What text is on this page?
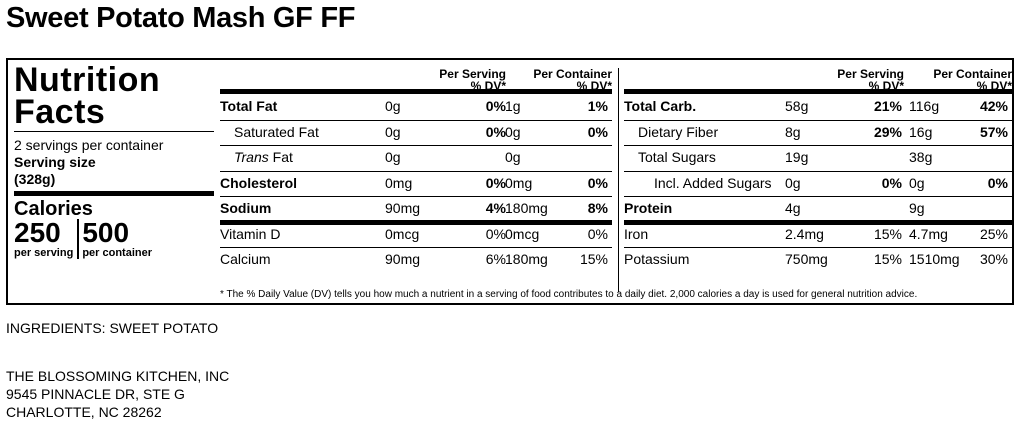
Sweet Potato Mash GF FF
Nutrition
Facts
2 servings per container
Serving size
(328g)
Calories
250
per serving
500
per container
Per Serving
% DV*
Per Container
% DV*
Total Fat	0g	0% 1g	1%
Saturated Fat	0g	0% 0g	0%
Trans Fat	0g	0g
Cholesterol	0mg	0% 0mg	0%
Sodium	90mg	4% 180mg	8%
Vitamin D	0mcg	0% 0mcg	0%
Calcium	90mg	6% 180mg 15%
Per Serving
% DV*
Per Container
% DV*
Total Carb.	58g	21% 116g	42%
Dietary Fiber	8g	29% 16g	57%
Total Sugars	19g	38g
Incl. Added Sugars 0g	0% 0g	0%
Protein	4g	9g
Iron	2.4mg	15% 4.7mg 25%
Potassium	750mg	15% 1510mg 30%
* The % Daily Value (DV) tells you how much a nutrient in a serving of food contributes to a daily diet. 2,000 calories a day is used for general nutrition advice.
INGREDIENTS: SWEET POTATO
THE BLOSSOMING KITCHEN, INC
9545 PINNACLE DR, STE G
CHARLOTTE, NC 28262
